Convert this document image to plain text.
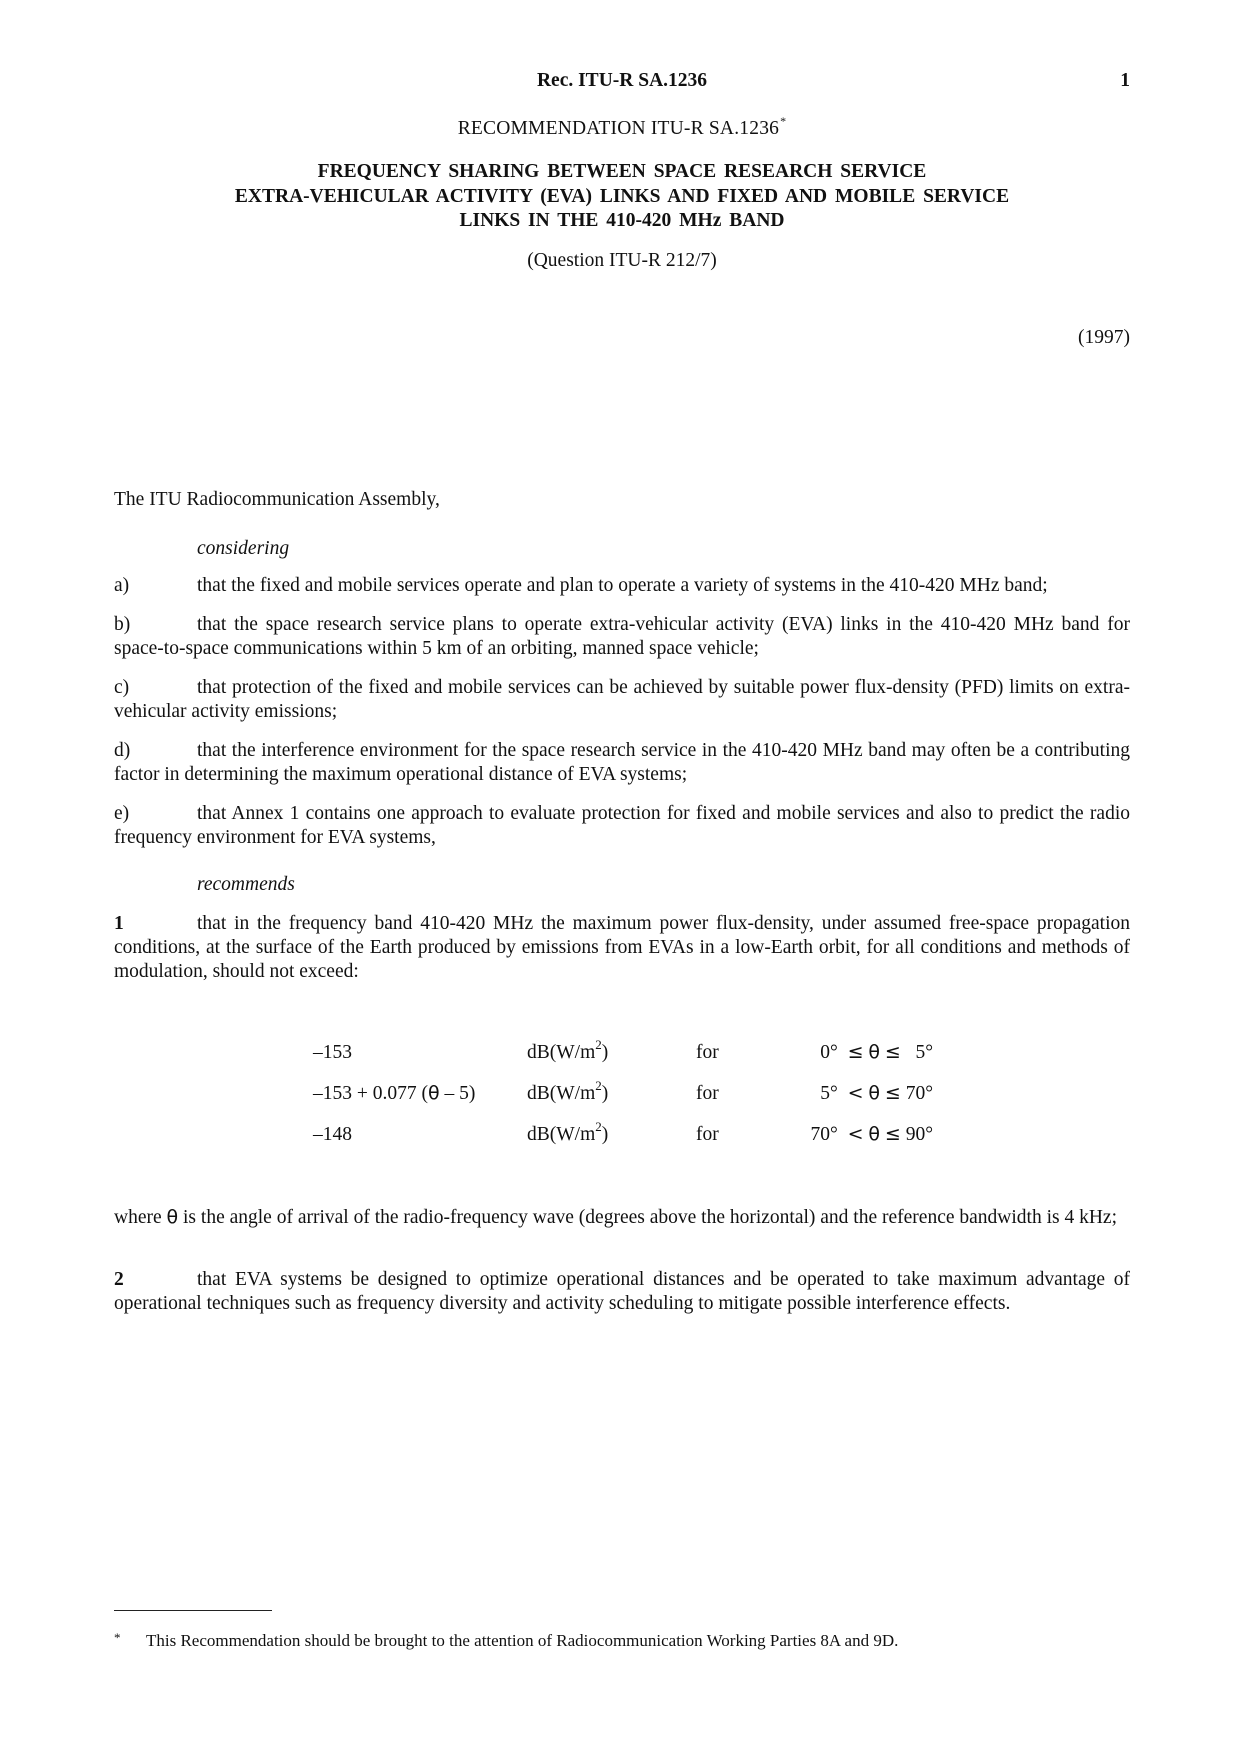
Rec. ITU-R SA.1236	1
RECOMMENDATION ITU-R SA.1236*
FREQUENCY SHARING BETWEEN SPACE RESEARCH SERVICE
EXTRA-VEHICULAR ACTIVITY (EVA) LINKS AND FIXED AND MOBILE SERVICE
LINKS IN THE 410-420 MHz BAND
(Question ITU-R 212/7)
(1997)
The ITU Radiocommunication Assembly,
considering
a)	that the fixed and mobile services operate and plan to operate a variety of systems in the 410-420 MHz band;
b)	that the space research service plans to operate extra-vehicular activity (EVA) links in the 410-420 MHz band for space-to-space communications within 5 km of an orbiting, manned space vehicle;
c)	that protection of the fixed and mobile services can be achieved by suitable power flux-density (PFD) limits on extra-vehicular activity emissions;
d)	that the interference environment for the space research service in the 410-420 MHz band may often be a contributing factor in determining the maximum operational distance of EVA systems;
e)	that Annex 1 contains one approach to evaluate protection for fixed and mobile services and also to predict the radio frequency environment for EVA systems,
recommends
1	that in the frequency band 410-420 MHz the maximum power flux-density, under assumed free-space propagation conditions, at the surface of the Earth produced by emissions from EVAs in a low-Earth orbit, for all conditions and methods of modulation, should not exceed:
–153	$dB(W/m^2)$	for	0° ≤ θ ≤ 5°
–153 + 0.077 (θ – 5)	$dB(W/m^2)$	for	5° < θ ≤ 70°
–148	$dB(W/m^2)$	for	70° < θ ≤ 90°
where θ is the angle of arrival of the radio-frequency wave (degrees above the horizontal) and the reference bandwidth is 4 kHz;
2	that EVA systems be designed to optimize operational distances and be operated to take maximum advantage of operational techniques such as frequency diversity and activity scheduling to mitigate possible interference effects.
* This Recommendation should be brought to the attention of Radiocommunication Working Parties 8A and 9D.
